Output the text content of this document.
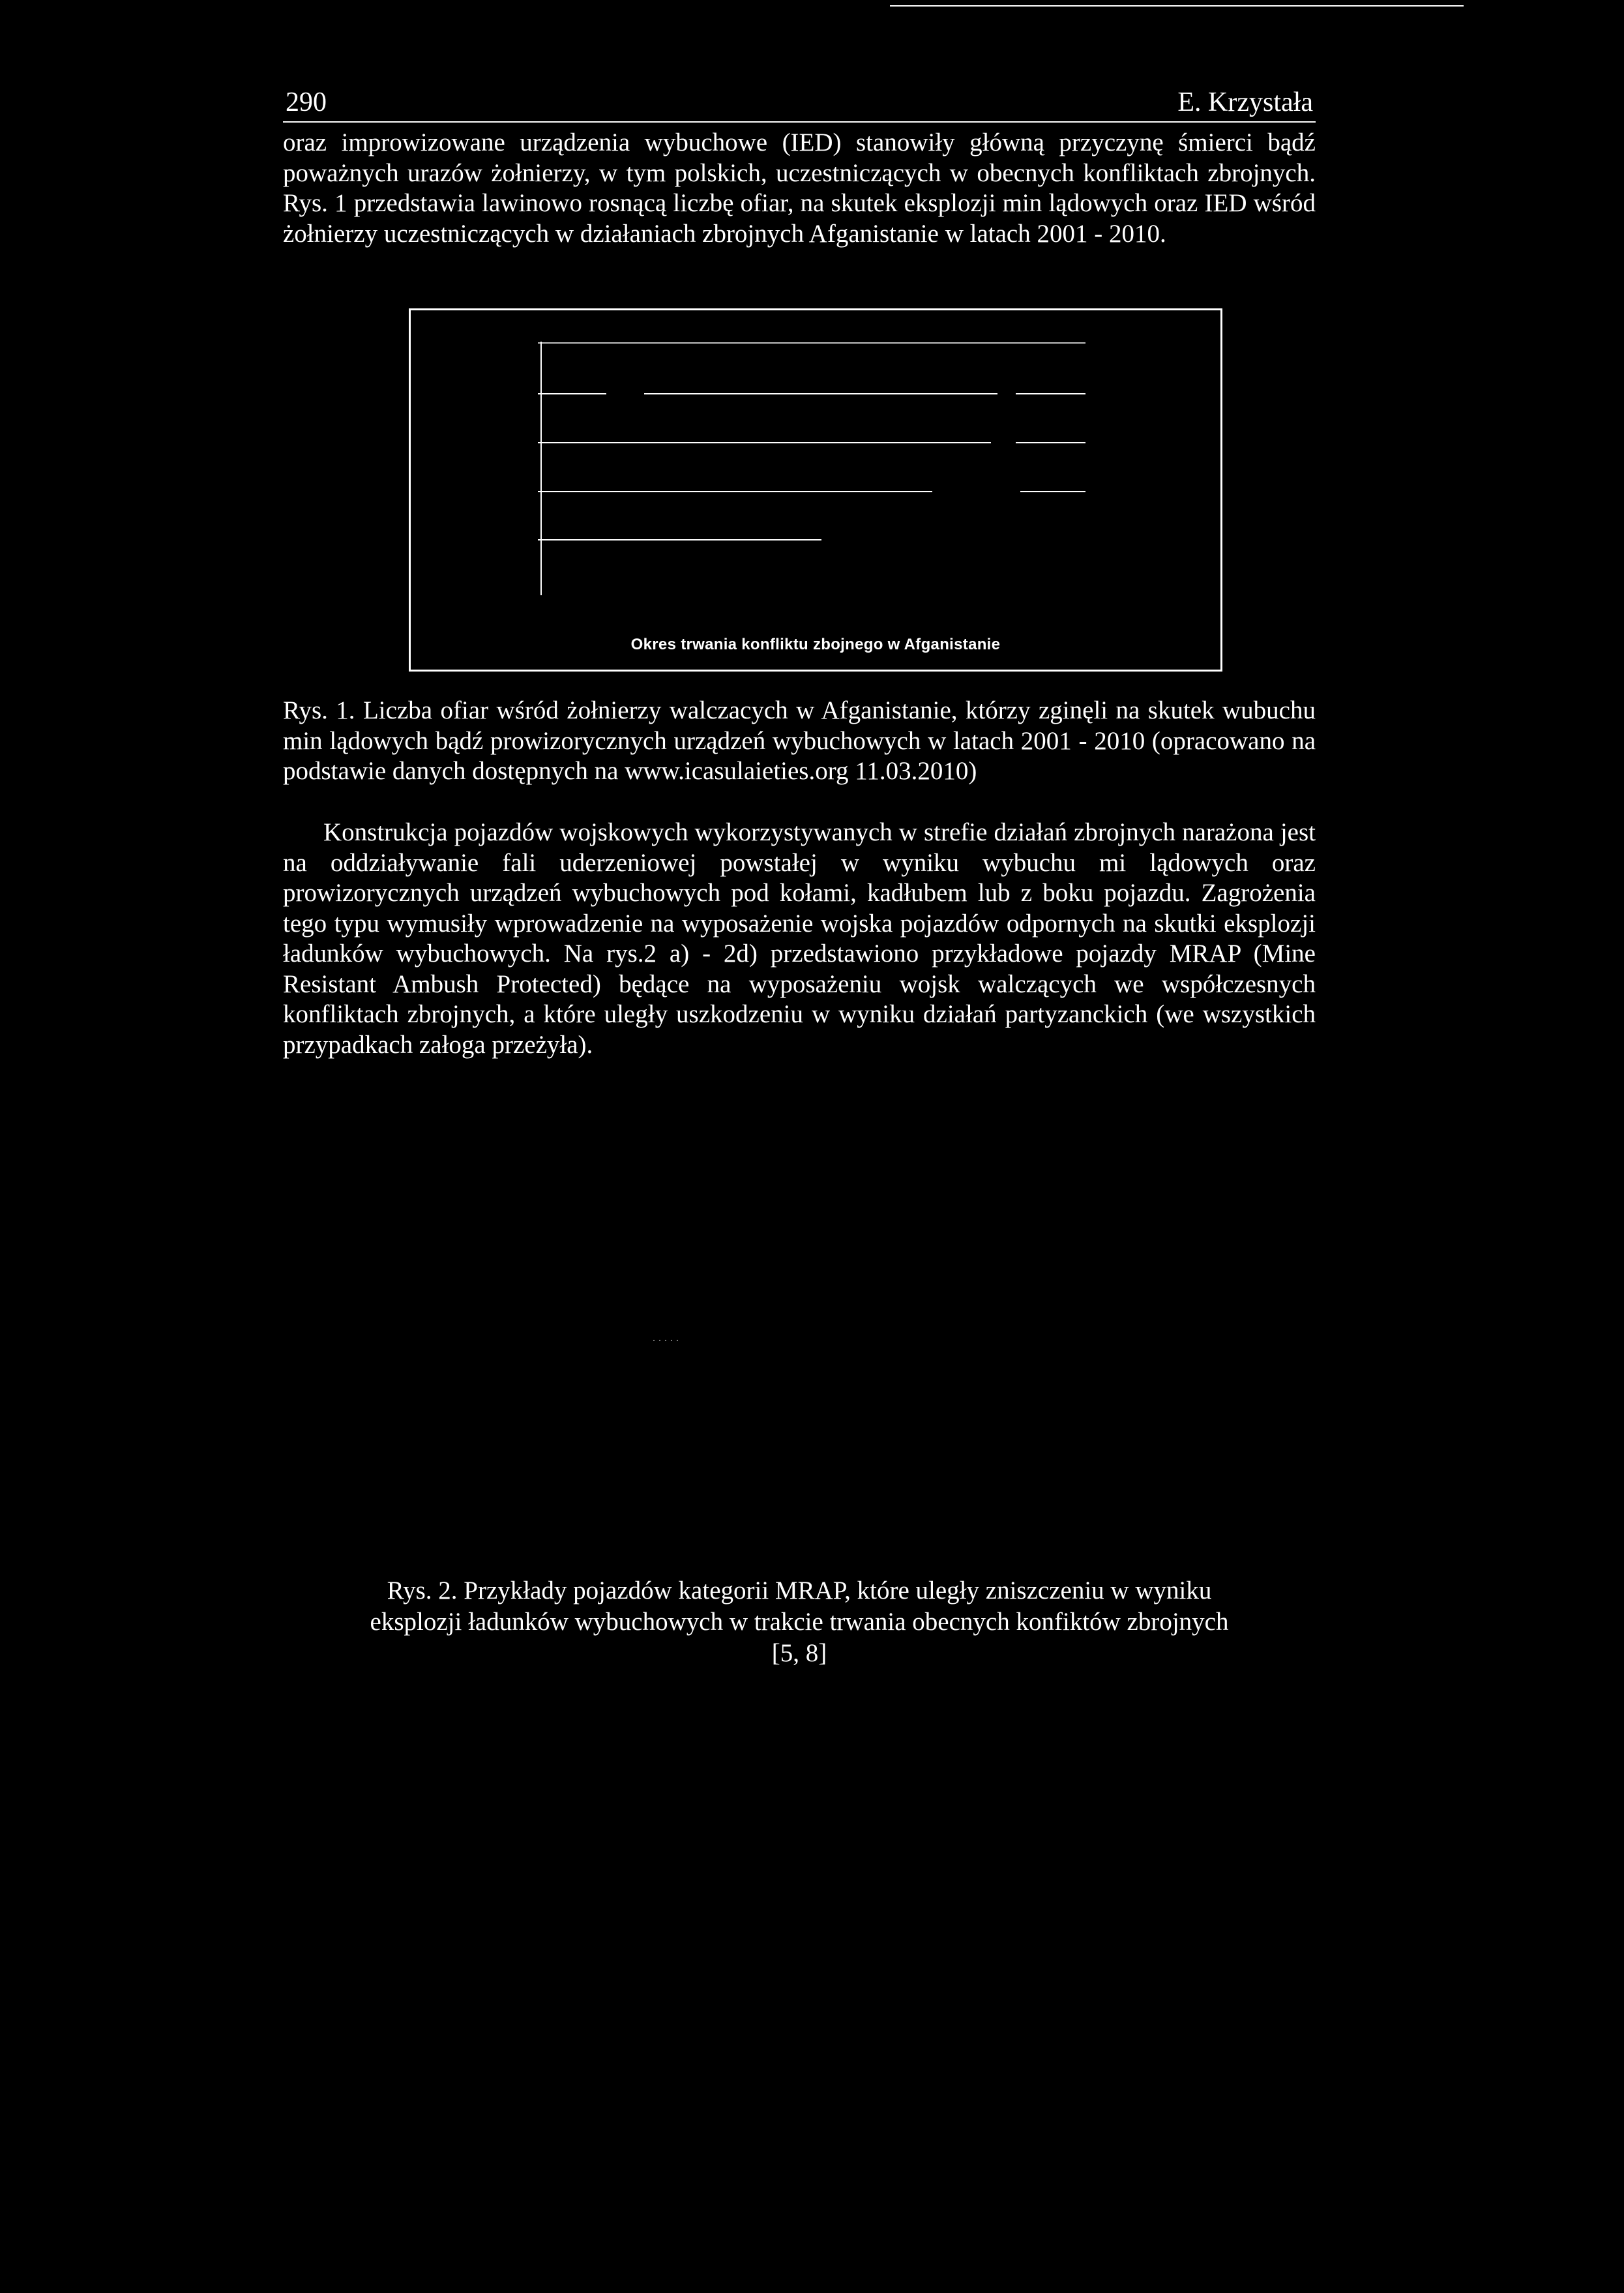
290	E. Krzystała

oraz improwizowane urządzenia wybuchowe (IED) stanowiły główną przyczynę śmierci bądź poważnych urazów żołnierzy, w tym polskich, uczestniczących w obecnych konfliktach zbrojnych. Rys. 1 przedstawia lawinowo rosnącą liczbę ofiar, na skutek eksplozji min lądowych oraz IED wśród żołnierzy uczestniczących w działaniach zbrojnych Afganistanie w latach 2001 - 2010.

Okres trwania konfliktu zbojnego w Afganistanie

Rys. 1. Liczba ofiar wśród żołnierzy walczacych w Afganistanie, którzy zginęli na skutek wubuchu min lądowych bądź prowizorycznych urządzeń wybuchowych w latach 2001 - 2010 (opracowano na podstawie danych dostępnych na www.icasulaieties.org 11.03.2010)

Konstrukcja pojazdów wojskowych wykorzystywanych w strefie działań zbrojnych narażona jest na oddziaływanie fali uderzeniowej powstałej w wyniku wybuchu mi lądowych oraz prowizorycznych urządzeń wybuchowych pod kołami, kadłubem lub z boku pojazdu. Zagrożenia tego typu wymusiły wprowadzenie na wyposażenie wojska pojazdów odpornych na skutki eksplozji ładunków wybuchowych. Na rys.2 a) - 2d) przedstawiono przykładowe pojazdy MRAP (Mine Resistant Ambush Protected) będące na wyposażeniu wojsk walczących we współczesnych konfliktach zbrojnych, a które uległy uszkodzeniu w wyniku działań partyzanckich (we wszystkich przypadkach załoga przeżyła).

·····
Rys. 2. Przykłady pojazdów kategorii MRAP, które uległy zniszczeniu w wyniku
eksplozji ładunków wybuchowych w trakcie trwania obecnych konfiktów zbrojnych
[5, 8]
